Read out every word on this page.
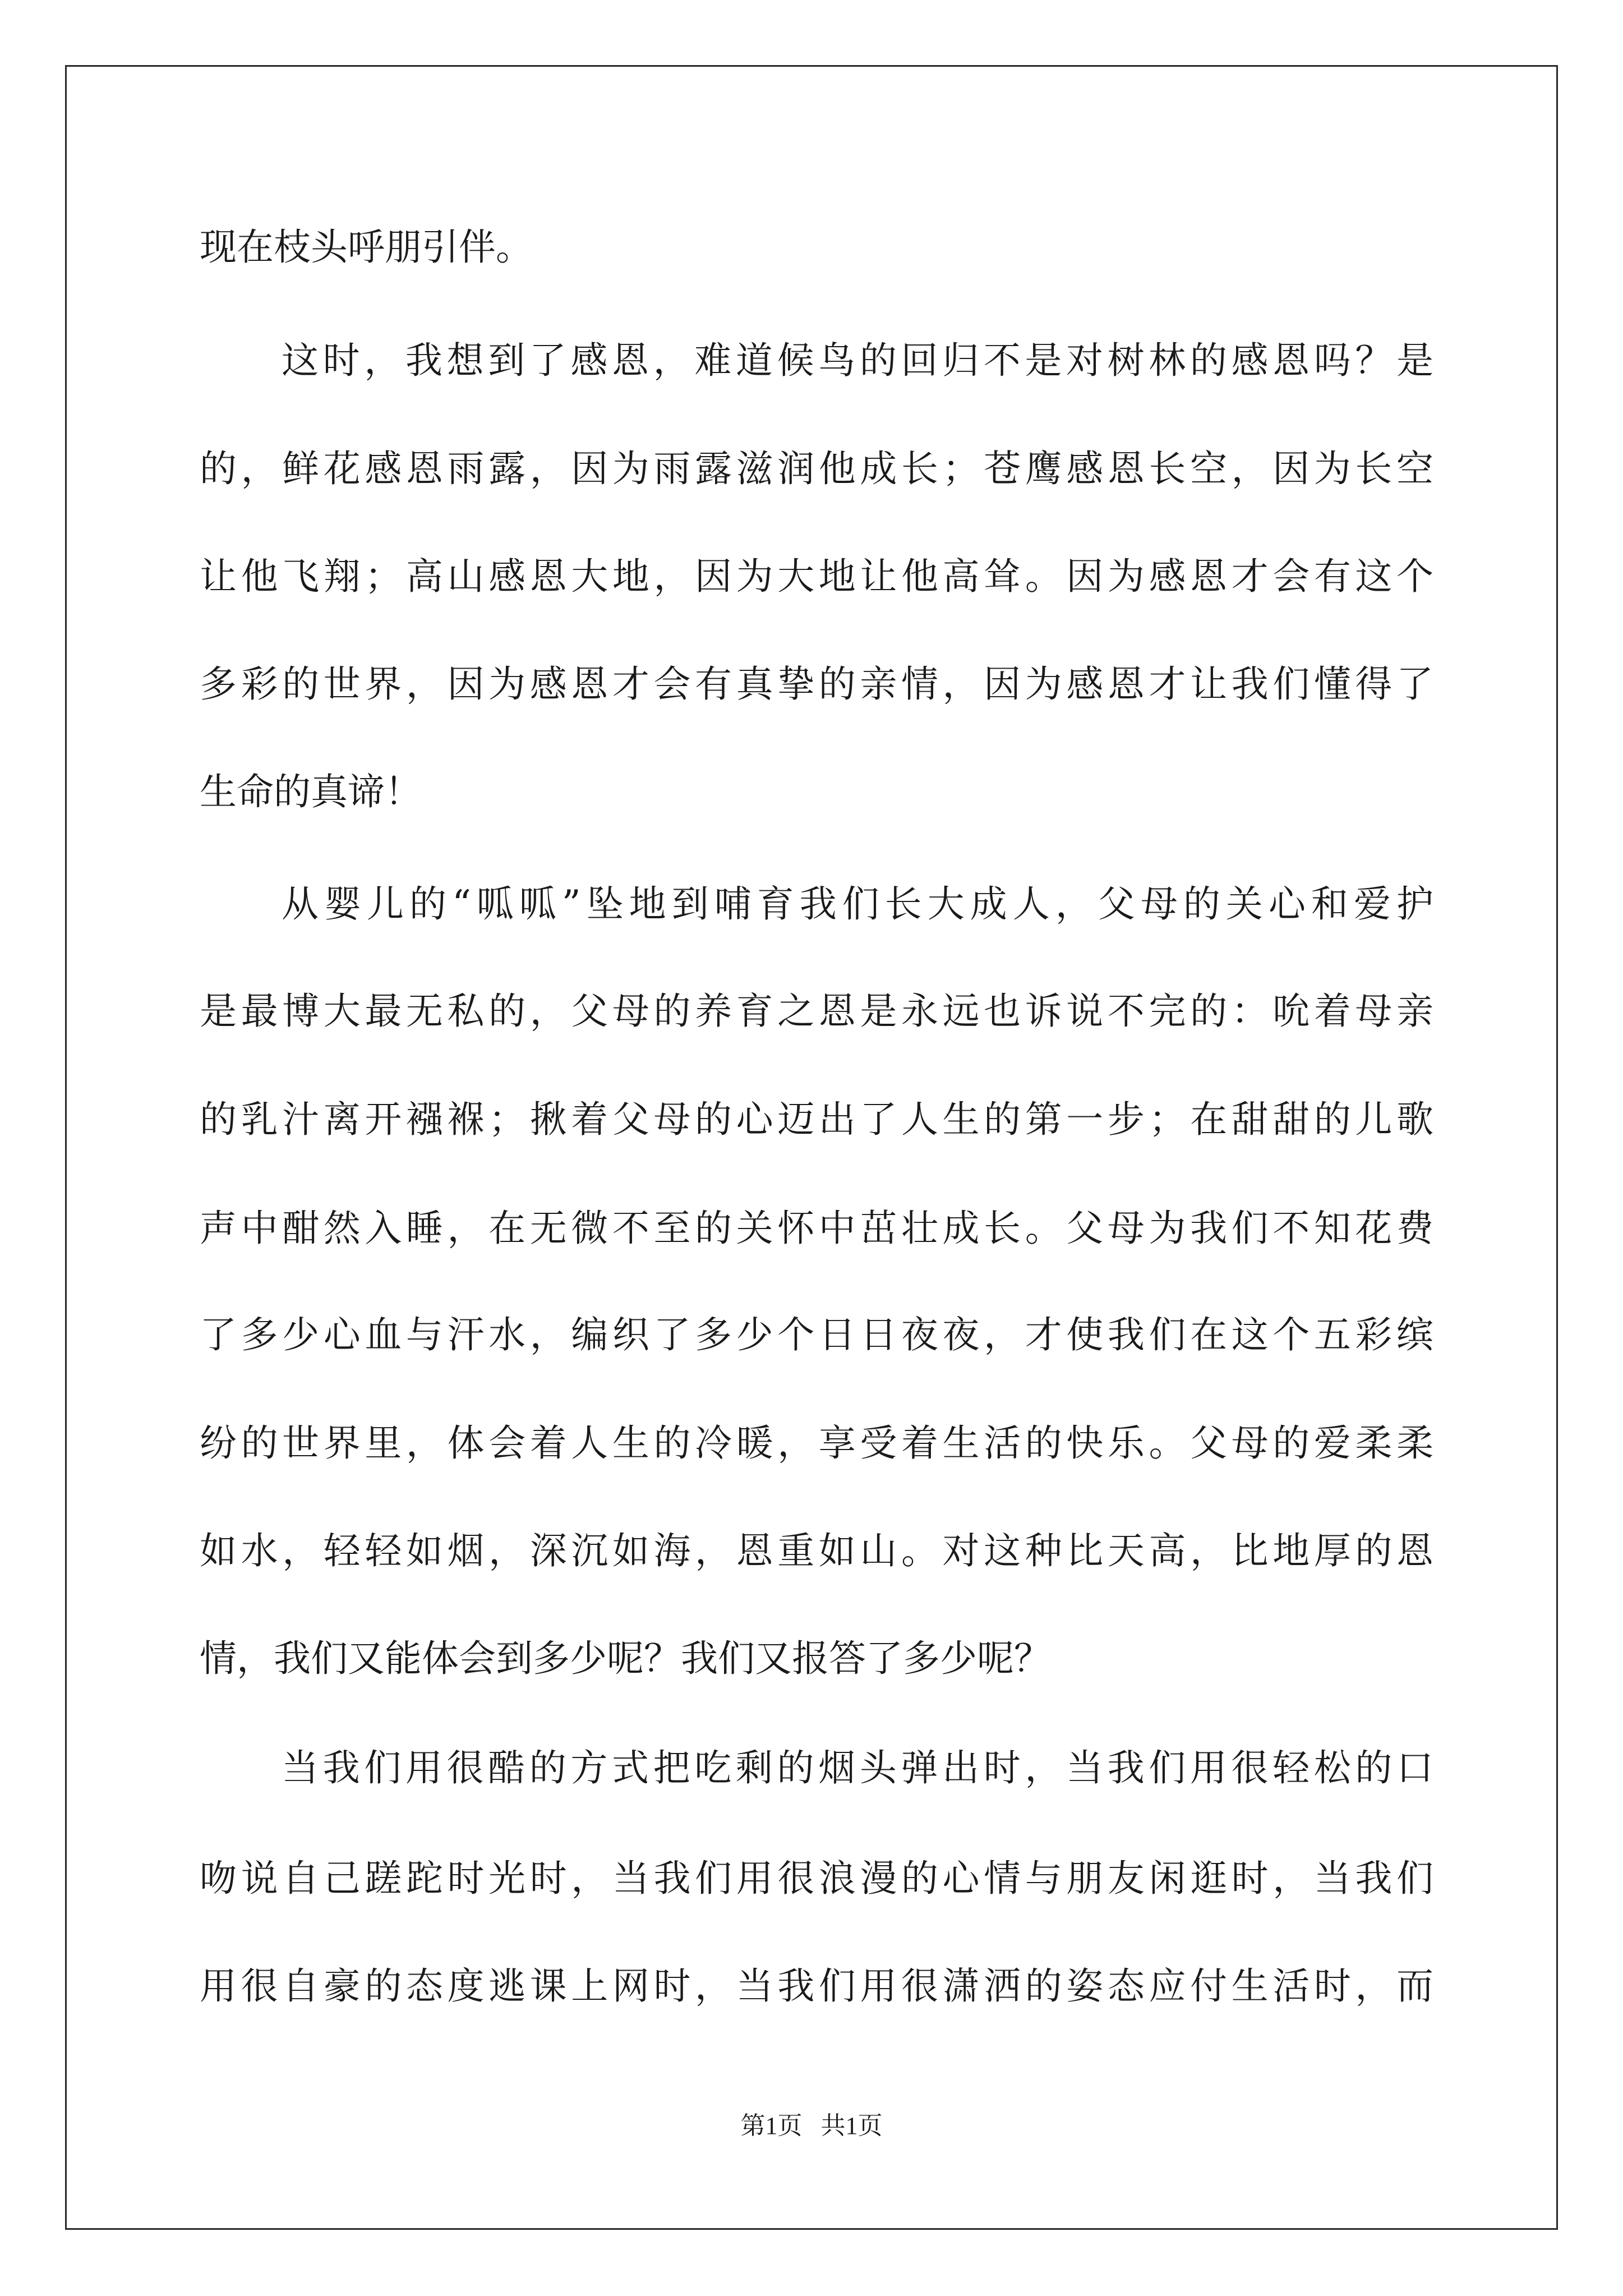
现在枝头呼朋引伴。
这时，我想到了感恩，难道候鸟的回归不是对树林的感恩吗？是
的，鲜花感恩雨露，因为雨露滋润他成长；苍鹰感恩长空，因为长空
让他飞翔；高山感恩大地，因为大地让他高耸。因为感恩才会有这个
多彩的世界，因为感恩才会有真挚的亲情，因为感恩才让我们懂得了
生命的真谛！
从婴儿的“呱呱”坠地到哺育我们长大成人，父母的关心和爱护
是最博大最无私的，父母的养育之恩是永远也诉说不完的：吮着母亲
的乳汁离开襁褓；揪着父母的心迈出了人生的第一步；在甜甜的儿歌
声中酣然入睡，在无微不至的关怀中茁壮成长。父母为我们不知花费
了多少心血与汗水，编织了多少个日日夜夜，才使我们在这个五彩缤
纷的世界里，体会着人生的冷暖，享受着生活的快乐。父母的爱柔柔
如水，轻轻如烟，深沉如海，恩重如山。对这种比天高，比地厚的恩
情，我们又能体会到多少呢？我们又报答了多少呢？
当我们用很酷的方式把吃剩的烟头弹出时，当我们用很轻松的口
吻说自己蹉跎时光时，当我们用很浪漫的心情与朋友闲逛时，当我们
用很自豪的态度逃课上网时，当我们用很潇洒的姿态应付生活时，而
第1页   共1页
